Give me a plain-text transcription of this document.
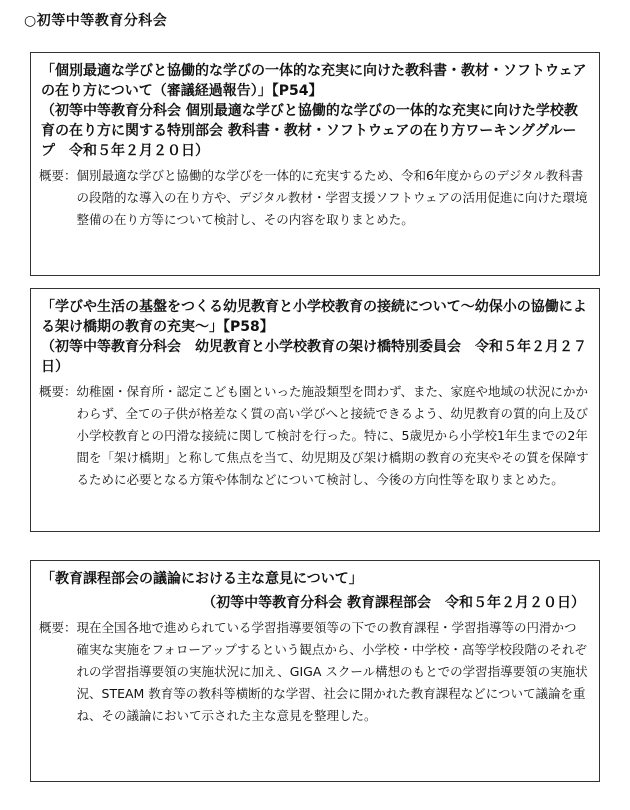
○初等中等教育分科会

「個別最適な学びと協働的な学びの一体的な充実に向けた教科書・教材・ソフトウェアの在り方について（審議経過報告）」【P54】

（初等中等教育分科会 個別最適な学びと協働的な学びの一体的な充実に向けた学校教育の在り方に関する特別部会 教科書・教材・ソフトウェアの在り方ワーキンググループ　令和５年２月２０日）

概要： 個別最適な学びと協働的な学びを一体的に充実するため、令和6年度からのデジタル教科書の段階的な導入の在り方や、デジタル教材・学習支援ソフトウェアの活用促進に向けた環境整備の在り方等について検討し、その内容を取りまとめた。

「学びや生活の基盤をつくる幼児教育と小学校教育の接続について～幼保小の協働による架け橋期の教育の充実～」【P58】

（初等中等教育分科会　幼児教育と小学校教育の架け橋特別委員会　令和５年２月２７日）

概要： 幼稚園・保育所・認定こども園といった施設類型を問わず、また、家庭や地域の状況にかかわらず、全ての子供が格差なく質の高い学びへと接続できるよう、幼児教育の質的向上及び小学校教育との円滑な接続に関して検討を行った。特に、5歳児から小学校1年生までの2年間を「架け橋期」と称して焦点を当て、幼児期及び架け橋期の教育の充実やその質を保障するために必要となる方策や体制などについて検討し、今後の方向性等を取りまとめた。

「教育課程部会の議論における主な意見について」

（初等中等教育分科会 教育課程部会　令和５年２月２０日）

概要： 現在全国各地で進められている学習指導要領等の下での教育課程・学習指導等の円滑かつ確実な実施をフォローアップするという観点から、小学校・中学校・高等学校段階のそれぞれの学習指導要領の実施状況に加え、GIGA スクール構想のもとでの学習指導要領の実施状況、STEAM 教育等の教科等横断的な学習、社会に開かれた教育課程などについて議論を重ね、その議論において示された主な意見を整理した。
